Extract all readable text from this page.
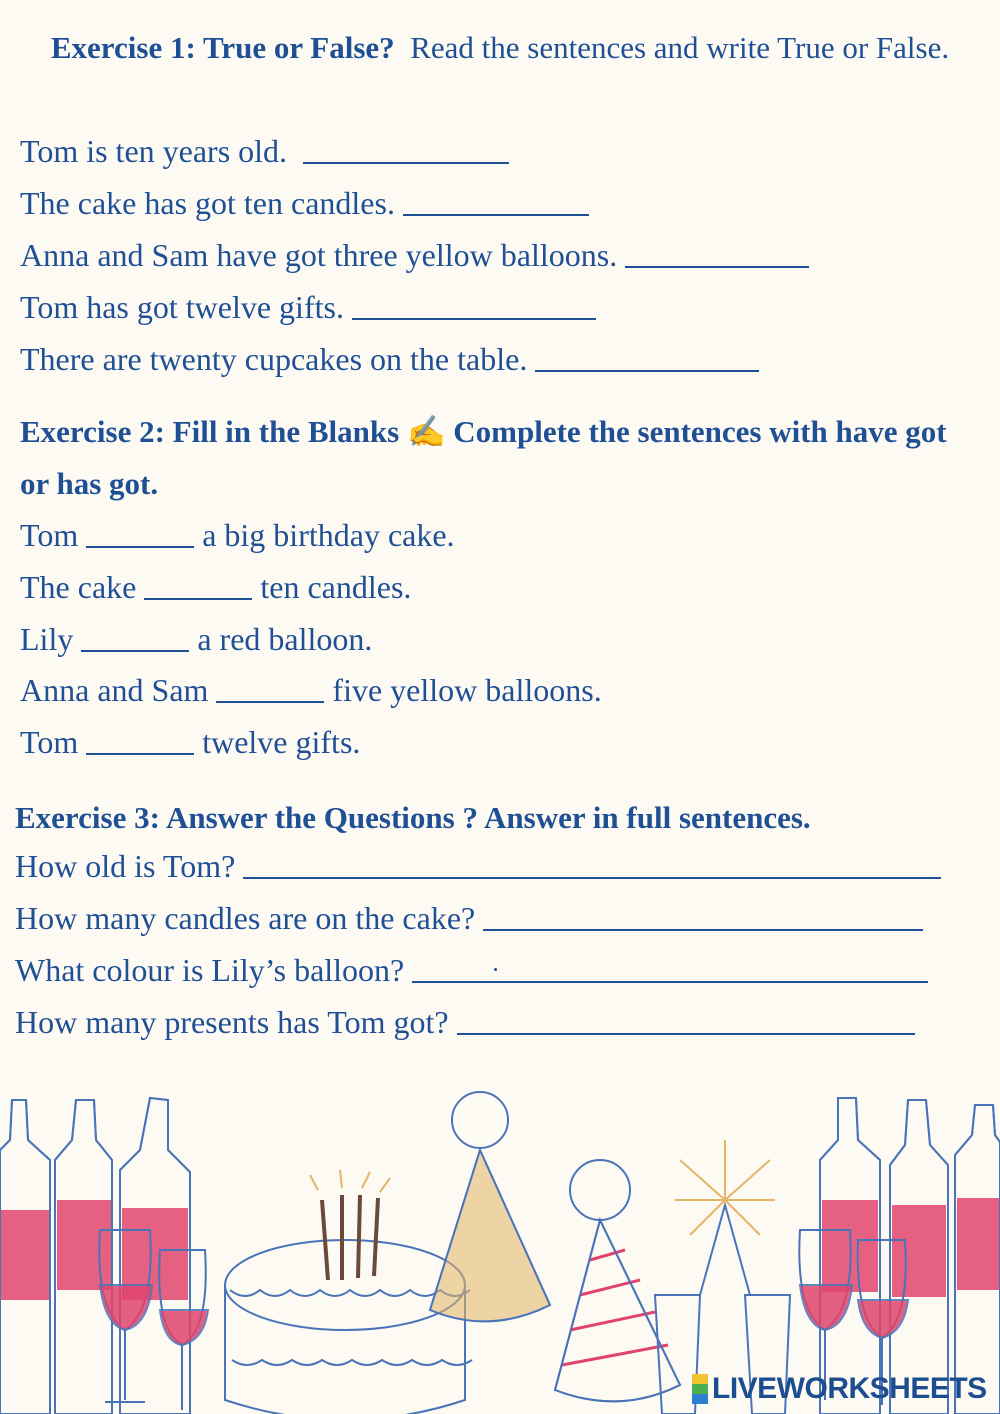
Exercise 1: True or False? Read the sentences and write True or False.
Tom is ten years old.
The cake has got ten candles.
Anna and Sam have got three yellow balloons.
Tom has got twelve gifts.
There are twenty cupcakes on the table.
Exercise 2: Fill in the Blanks ✍ Complete the sentences with have got or has got.
Tom	a big birthday cake.
The cake	ten candles.
Lily	a red balloon.
Anna and Sam	five yellow balloons.
Tom	twelve gifts.
Exercise 3: Answer the Questions ? Answer in full sentences.
How old is Tom?
How many candles are on the cake?
What colour is Lily’s balloon?
How many presents has Tom got?
LIVEWORKSHEETS
